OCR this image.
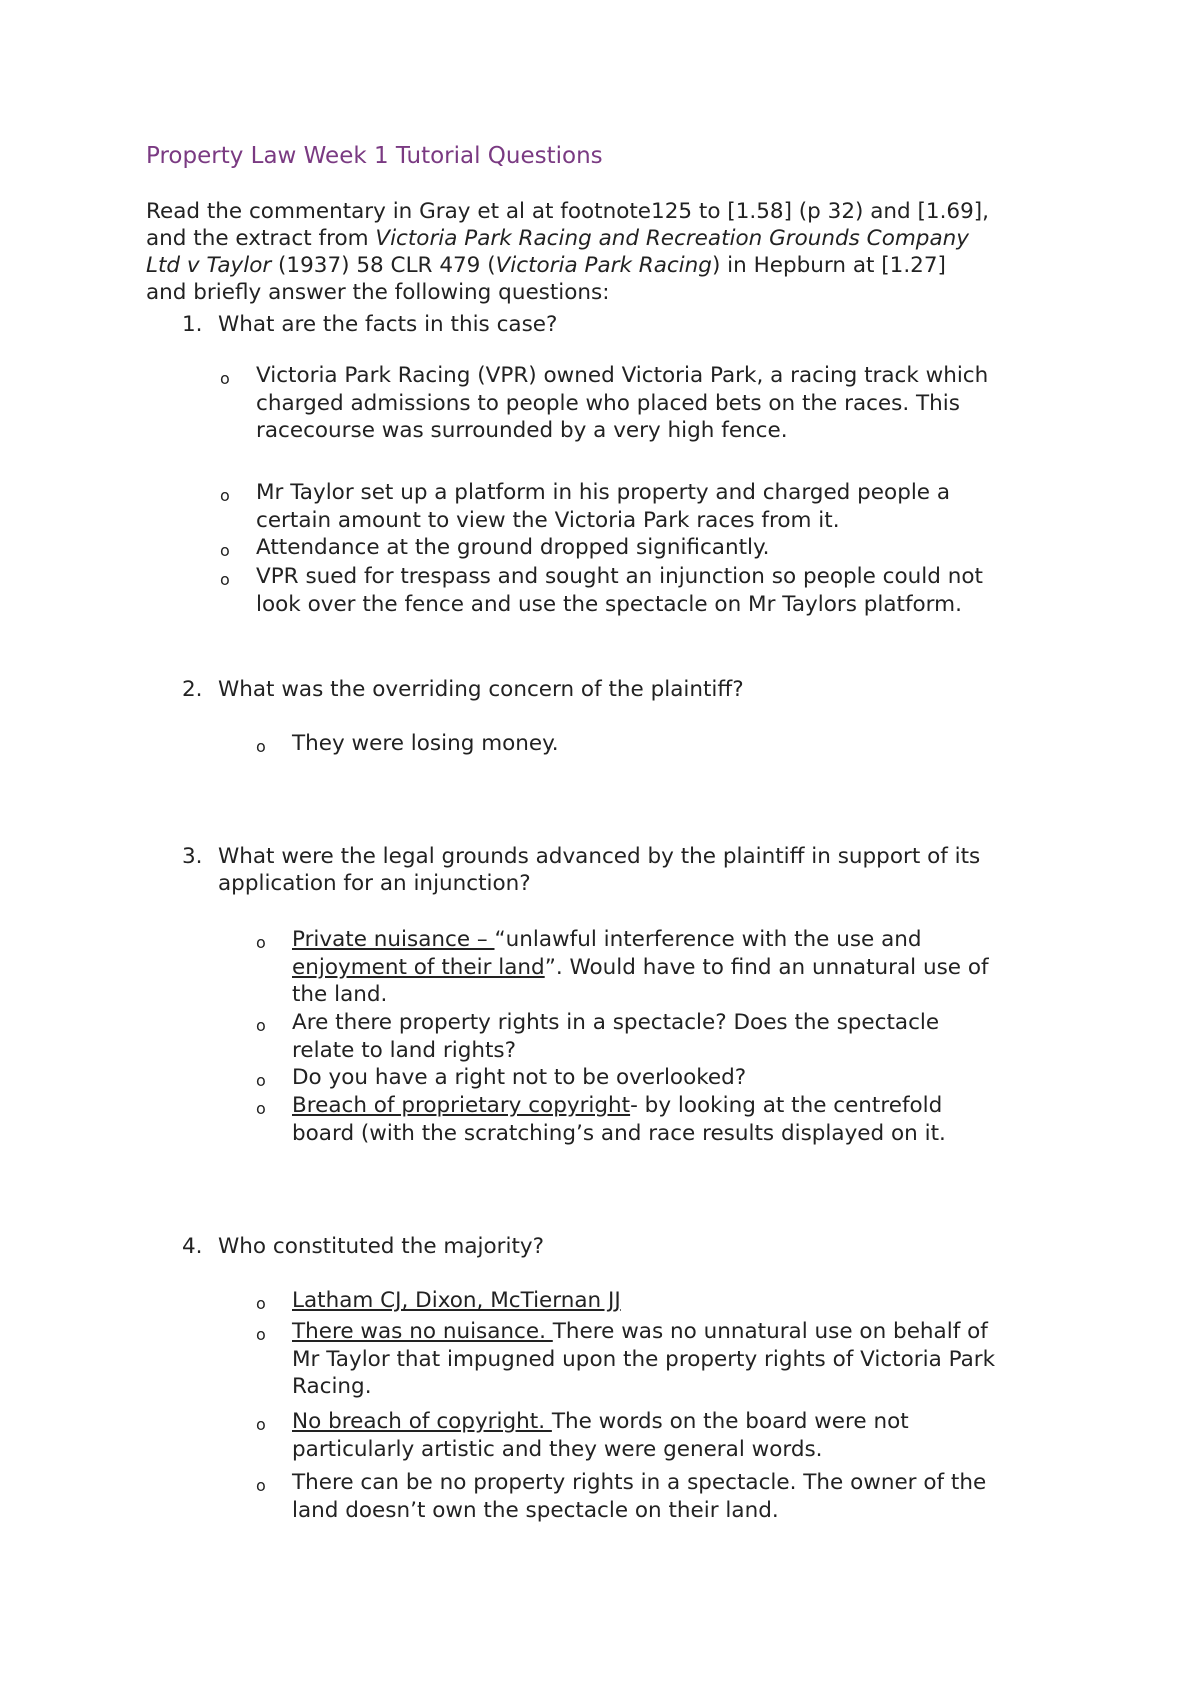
Property Law Week 1 Tutorial Questions

Read the commentary in Gray et al at footnote125 to [1.58] (p 32) and [1.69],
and the extract from Victoria Park Racing and Recreation Grounds Company
Ltd v Taylor (1937) 58 CLR 479 (Victoria Park Racing) in Hepburn at [1.27]
and briefly answer the following questions:

1. What are the facts in this case?
o Victoria Park Racing (VPR) owned Victoria Park, a racing track which
charged admissions to people who placed bets on the races. This
racecourse was surrounded by a very high fence.
o Mr Taylor set up a platform in his property and charged people a
certain amount to view the Victoria Park races from it.
o Attendance at the ground dropped significantly.
o VPR sued for trespass and sought an injunction so people could not
look over the fence and use the spectacle on Mr Taylors platform.
2. What was the overriding concern of the plaintiff?
o They were losing money.
3. What were the legal grounds advanced by the plaintiff in support of its
application for an injunction?
o Private nuisance – “unlawful interference with the use and
enjoyment of their land”. Would have to find an unnatural use of
the land.
o Are there property rights in a spectacle? Does the spectacle
relate to land rights?
o Do you have a right not to be overlooked?
o Breach of proprietary copyright- by looking at the centrefold
board (with the scratching’s and race results displayed on it.
4. Who constituted the majority?
o Latham CJ, Dixon, McTiernan JJ
o There was no nuisance. There was no unnatural use on behalf of
Mr Taylor that impugned upon the property rights of Victoria Park
Racing.
o No breach of copyright. The words on the board were not
particularly artistic and they were general words.
o There can be no property rights in a spectacle. The owner of the
land doesn’t own the spectacle on their land.
